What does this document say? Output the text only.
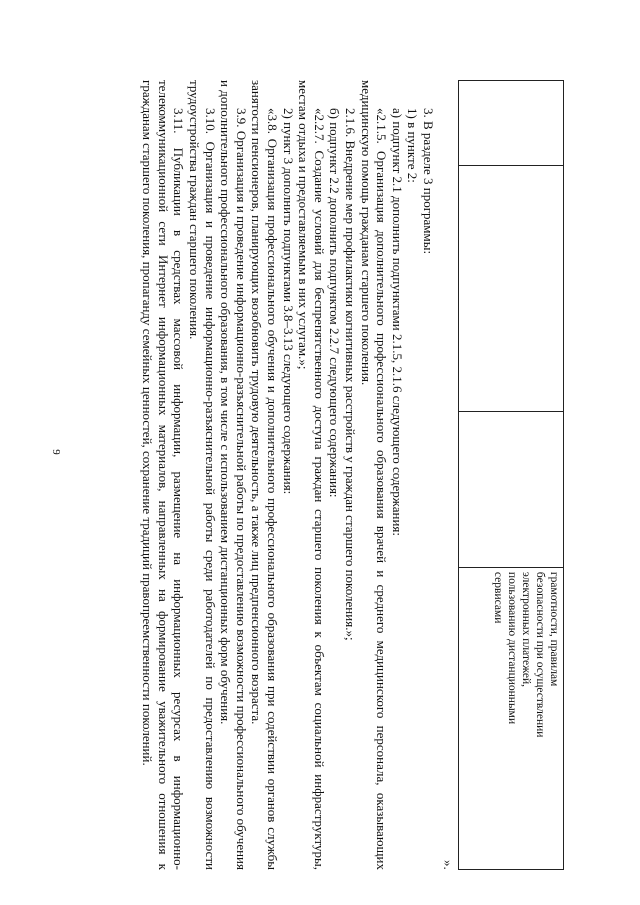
9

грамотности, правилам
безопасности при осуществлении
электронных платежей,
пользованию дистанционными
сервисами
».

3. В разделе 3 программы:

1) в пункте 2:

а) подпункт 2.1 дополнить подпунктами 2.1.5, 2.1.6 следующего содержания:

«2.1.5. Организация дополнительного профессионального образования врачей и среднего медицинского персонала, оказывающих медицинскую помощь гражданам старшего поколения.

2.1.6. Внедрение мер профилактики когнитивных расстройств у граждан старшего поколения.»;

б) подпункт 2.2 дополнить подпунктом 2.2.7 следующего содержания:

«2.2.7. Создание условий для беспрепятственного доступа граждан старшего поколения к объектам социальной инфраструктуры, местам отдыха и предоставляемым в них услугам.»;

2) пункт 3 дополнить подпунктами 3.8–3.13 следующего содержания:

«3.8. Организация профессионального обучения и дополнительного профессионального образования при содействии органов службы занятости пенсионеров, планирующих возобновить трудовую деятельность, а также лиц предпенсионного возраста.

3.9. Организация и проведение информационно-разъяснительной работы по предоставлению возможности профессионального обучения и дополнительного профессионального образования, в том числе с использованием дистанционных форм обучения.

3.10. Организация и проведение информационно-разъяснительной работы среди работодателей по предоставлению возможности трудоустройства граждан старшего поколения.

3.11. Публикации в средствах массовой информации, размещение на информационных ресурсах в информационно-телекоммуникационной сети Интернет информационных материалов, направленных на формирование уважительного отношения к гражданам старшего поколения, пропаганду семейных ценностей, сохранение традиций правопреемственности поколений.
